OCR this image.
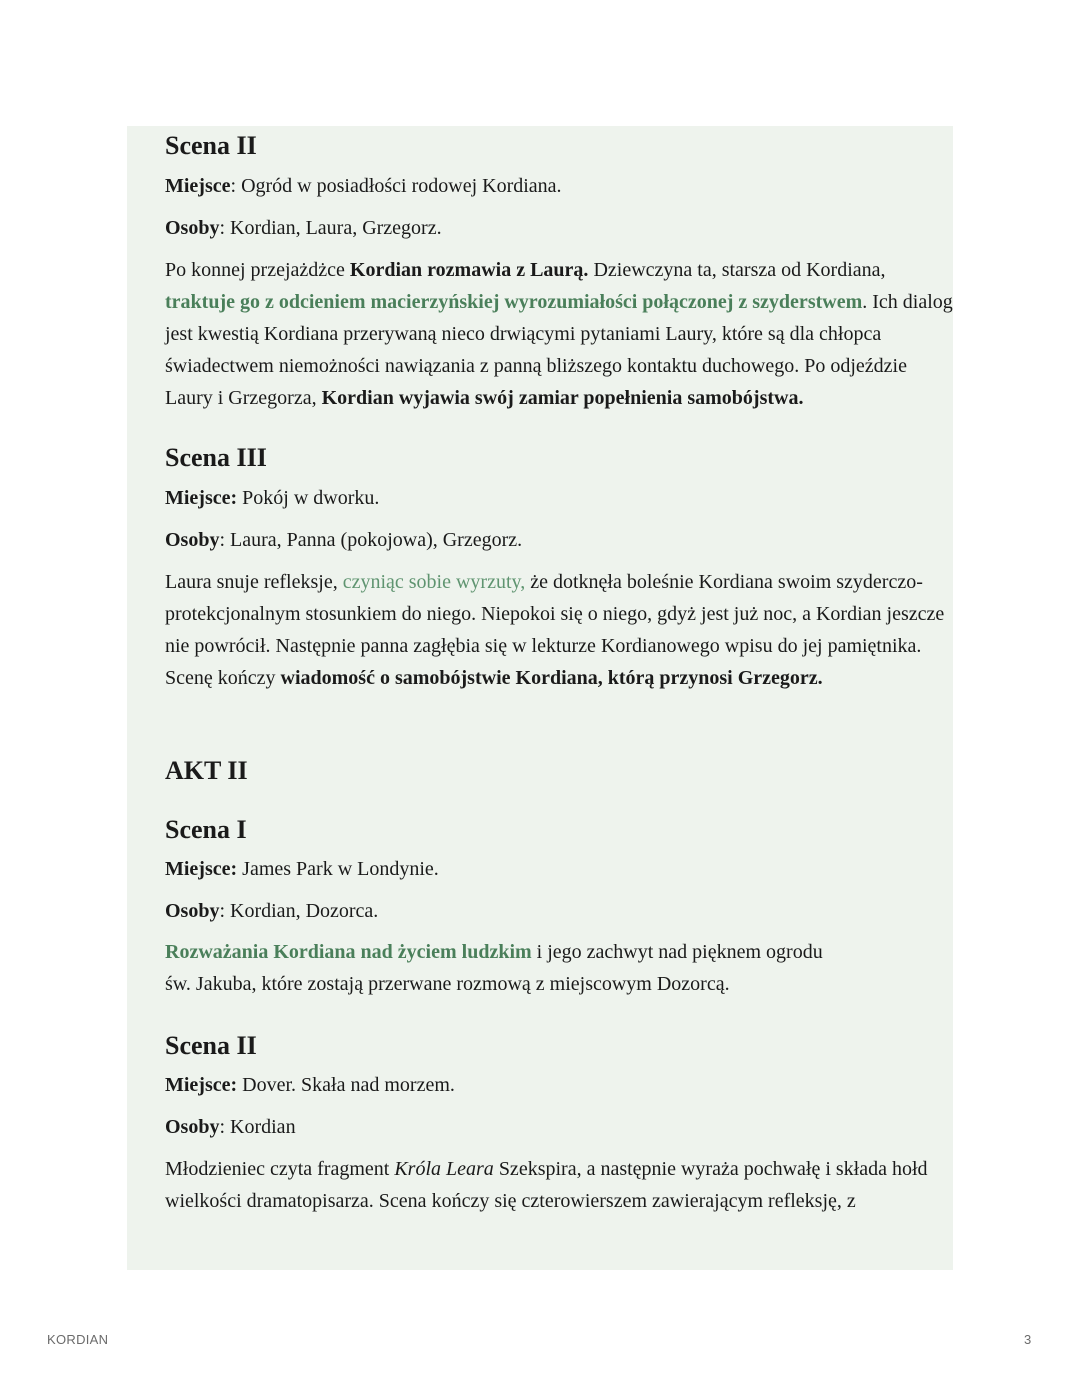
Scena II

Miejsce: Ogród w posiadłości rodowej Kordiana.

Osoby: Kordian, Laura, Grzegorz.

Po konnej przejażdżce Kordian rozmawia z Laurą. Dziewczyna ta, starsza od Kordiana, traktuje go z odcieniem macierzyńskiej wyrozumiałości połączonej z szyderstwem. Ich dialog jest kwestią Kordiana przerywaną nieco drwiącymi pytaniami Laury, które są dla chłopca świadectwem niemożności nawiązania z panną bliższego kontaktu duchowego. Po odjeździe Laury i Grzegorza, Kordian wyjawia swój zamiar popełnienia samobójstwa.

Scena III

Miejsce: Pokój w dworku.

Osoby: Laura, Panna (pokojowa), Grzegorz.

Laura snuje refleksje, czyniąc sobie wyrzuty, że dotknęła boleśnie Kordiana swoim szyderczo-protekcjonalnym stosunkiem do niego. Niepokoi się o niego, gdyż jest już noc, a Kordian jeszcze nie powrócił. Następnie panna zagłębia się w lekturze Kordianowego wpisu do jej pamiętnika. Scenę kończy wiadomość o samobójstwie Kordiana, którą przynosi Grzegorz.

AKT II
Scena I

Miejsce: James Park w Londynie.

Osoby: Kordian, Dozorca.

Rozważania Kordiana nad życiem ludzkim i jego zachwyt nad pięknem ogrodu św. Jakuba, które zostają przerwane rozmową z miejscowym Dozorcą.

Scena II

Miejsce: Dover. Skała nad morzem.

Osoby: Kordian

Młodzieniec czyta fragment Króla Leara Szekspira, a następnie wyraża pochwałę i składa hołd wielkości dramatopisarza. Scena kończy się czterowierszem zawierającym refleksję, z

KORDIAN	3
